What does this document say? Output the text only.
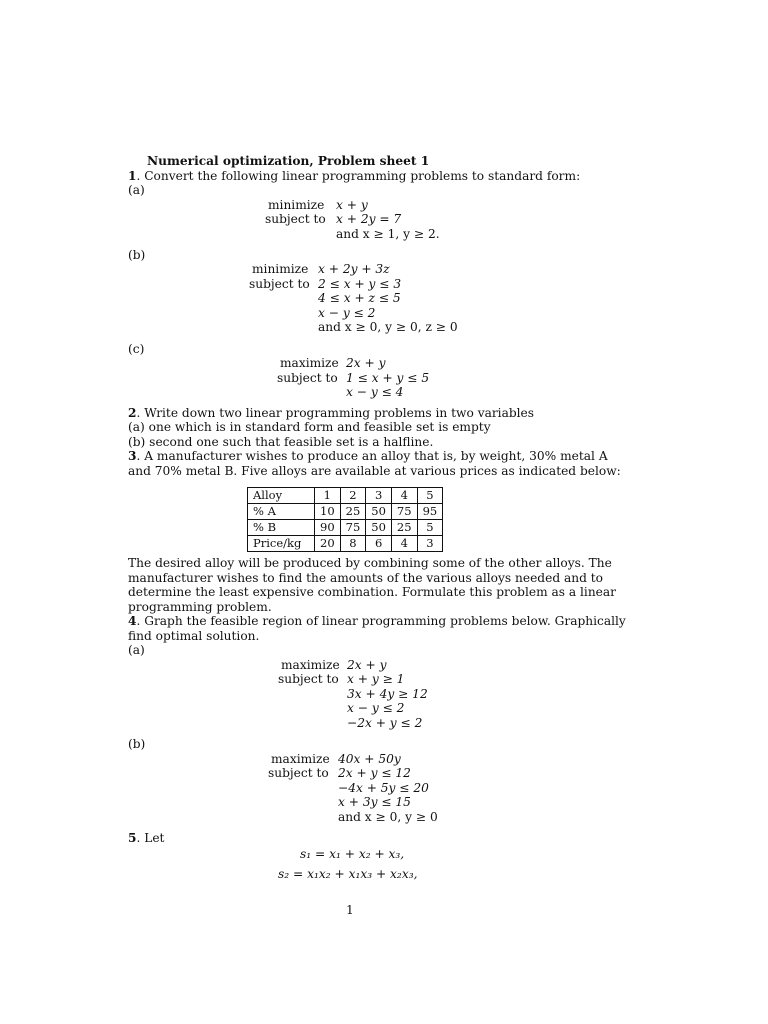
Numerical optimization, Problem sheet 1
1. Convert the following linear programming problems to standard form:
(a)
minimize x + y
subject to x + 2y = 7
and x ≥ 1, y ≥ 2.
(b)
minimize x + 2y + 3z
subject to 2 ≤ x + y ≤ 3
4 ≤ x + z ≤ 5
x − y ≤ 2
and x ≥ 0, y ≥ 0, z ≥ 0
(c)
maximize 2x + y
subject to 1 ≤ x + y ≤ 5
x − y ≤ 4
2. Write down two linear programming problems in two variables
(a) one which is in standard form and feasible set is empty
(b) second one such that feasible set is a halfline.
3. A manufacturer wishes to produce an alloy that is, by weight, 30% metal A
and 70% metal B. Five alloys are available at various prices as indicated below:
Alloy	1	2	3	4	5
% A	10	25	50	75	95
% B	90	75	50	25	5
Price/kg	20	8	6	4	3
The desired alloy will be produced by combining some of the other alloys. The
manufacturer wishes to find the amounts of the various alloys needed and to
determine the least expensive combination. Formulate this problem as a linear
programming problem.
4. Graph the feasible region of linear programming problems below. Graphically
find optimal solution.
(a)
maximize 2x + y
subject to x + y ≥ 1
3x + 4y ≥ 12
x − y ≤ 2
−2x + y ≤ 2
(b)
maximize 40x + 50y
subject to 2x + y ≤ 12
−4x + 5y ≤ 20
x + 3y ≤ 15
and x ≥ 0, y ≥ 0
5. Let
s₁ = x₁ + x₂ + x₃,
s₂ = x₁x₂ + x₁x₃ + x₂x₃,
1
